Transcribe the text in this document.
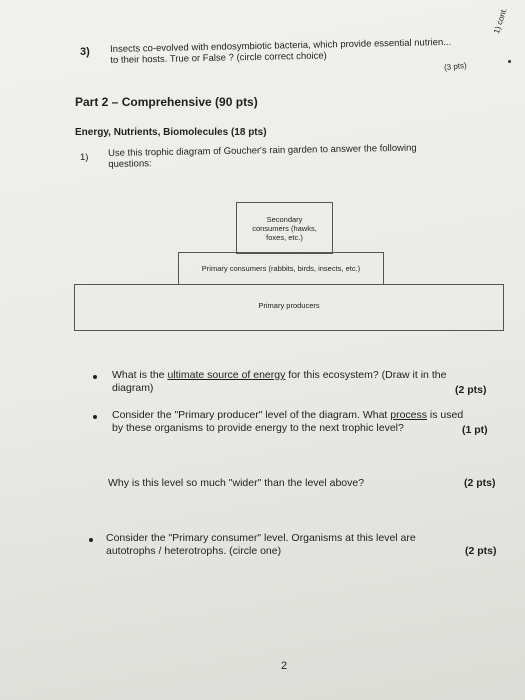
3) Insects co-evolved with endosymbiotic bacteria, which provide essential nutrien...
to their hosts. True or False ? (circle correct choice)
(3 pts)
1) cont.
Part 2 – Comprehensive (90 pts)
Energy, Nutrients, Biomolecules (18 pts)
1) Use this trophic diagram of Goucher's rain garden to answer the following
questions:
Secondary consumers (hawks, foxes, etc.)
Primary consumers (rabbits, birds, insects, etc.)
Primary producers
What is the ultimate source of energy for this ecosystem? (Draw it in the
diagram)	(2 pts)
Consider the "Primary producer" level of the diagram. What process is used
by these organisms to provide energy to the next trophic level?	(1 pt)
Why is this level so much "wider" than the level above?	(2 pts)
Consider the "Primary consumer" level. Organisms at this level are
autotrophs / heterotrophs. (circle one)	(2 pts)
2
